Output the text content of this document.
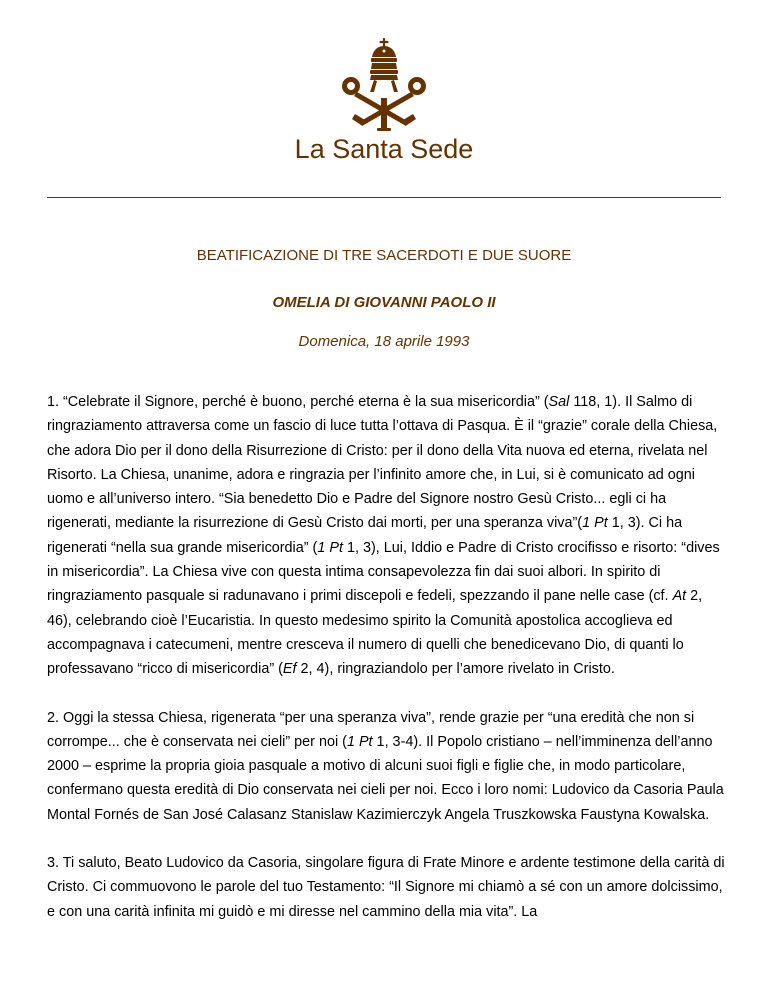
La Santa Sede
BEATIFICAZIONE DI TRE SACERDOTI E DUE SUORE
OMELIA DI GIOVANNI PAOLO II
Domenica, 18 aprile 1993

1. “Celebrate il Signore, perché è buono, perché eterna è la sua misericordia” (Sal 118, 1). Il Salmo di ringraziamento attraversa come un fascio di luce tutta l’ottava di Pasqua. È il “grazie” corale della Chiesa, che adora Dio per il dono della Risurrezione di Cristo: per il dono della Vita nuova ed eterna, rivelata nel Risorto. La Chiesa, unanime, adora e ringrazia per l’infinito amore che, in Lui, si è comunicato ad ogni uomo e all’universo intero. “Sia benedetto Dio e Padre del Signore nostro Gesù Cristo... egli ci ha rigenerati, mediante la risurrezione di Gesù Cristo dai morti, per una speranza viva”(1 Pt 1, 3). Ci ha rigenerati “nella sua grande misericordia” (1 Pt 1, 3), Lui, Iddio e Padre di Cristo crocifisso e risorto: “dives in misericordia”. La Chiesa vive con questa intima consapevolezza fin dai suoi albori. In spirito di ringraziamento pasquale si radunavano i primi discepoli e fedeli, spezzando il pane nelle case (cf. At 2, 46), celebrando cioè l’Eucaristia. In questo medesimo spirito la Comunità apostolica accoglieva ed accompagnava i catecumeni, mentre cresceva il numero di quelli che benedicevano Dio, di quanti lo professavano “ricco di misericordia” (Ef 2, 4), ringraziandolo per l’amore rivelato in Cristo.

2. Oggi la stessa Chiesa, rigenerata “per una speranza viva”, rende grazie per “una eredità che non si corrompe... che è conservata nei cieli” per noi (1 Pt 1, 3-4). Il Popolo cristiano – nell’imminenza dell’anno 2000 – esprime la propria gioia pasquale a motivo di alcuni suoi figli e figlie che, in modo particolare, confermano questa eredità di Dio conservata nei cieli per noi. Ecco i loro nomi: Ludovico da Casoria Paula Montal Fornés de San José Calasanz Stanislaw Kazimierczyk Angela Truszkowska Faustyna Kowalska.

3. Ti saluto, Beato Ludovico da Casoria, singolare figura di Frate Minore e ardente testimone della carità di Cristo. Ci commuovono le parole del tuo Testamento: “Il Signore mi chiamò a sé con un amore dolcissimo, e con una carità infinita mi guidò e mi diresse nel cammino della mia vita”. La
